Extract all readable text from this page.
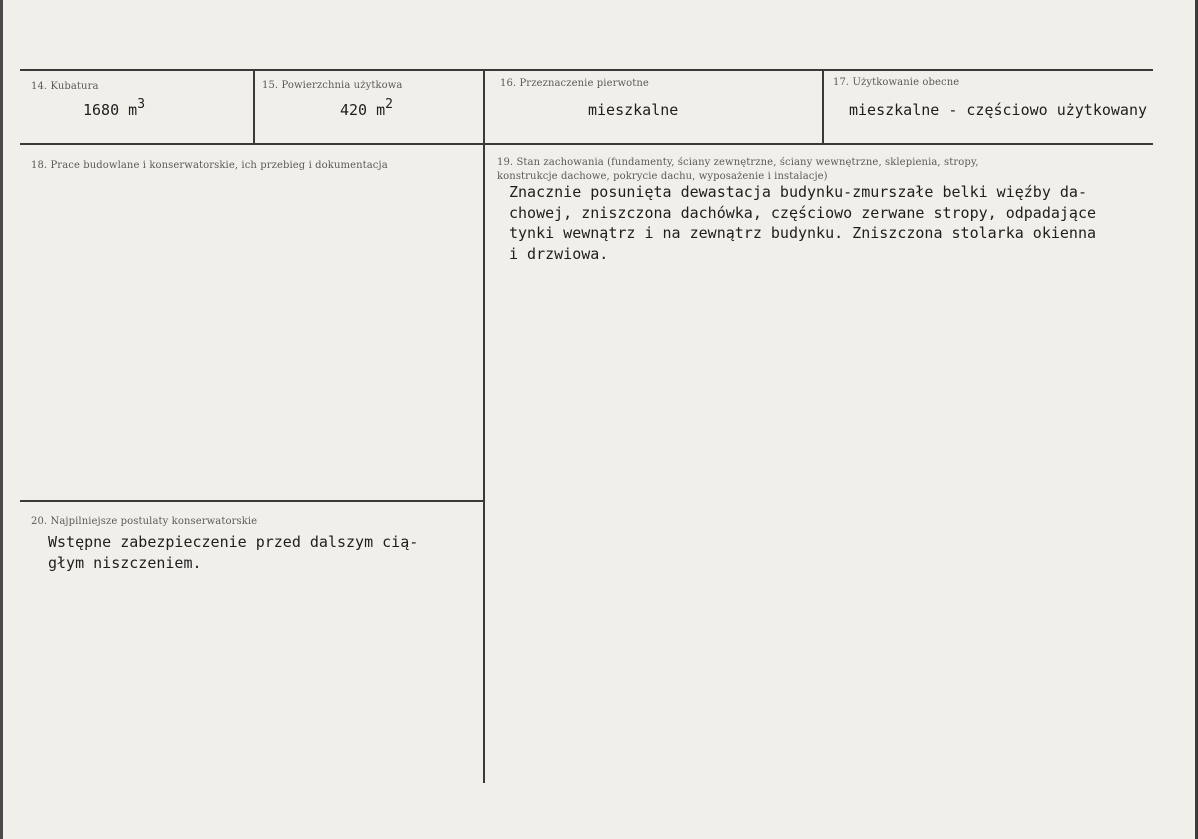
14. Kubatura
1680 $m^3$
15. Powierzchnia użytkowa
420 $m^2$
16. Przeznaczenie pierwotne
mieszkalne
17. Użytkowanie obecne
mieszkalne - częściowo użytkowany
18. Prace budowlane i konserwatorskie, ich przebieg i dokumentacja	19. Stan zachowania (fundamenty, ściany zewnętrzne, ściany wewnętrzne, sklepienia, stropy,
konstrukcje dachowe, pokrycie dachu, wyposażenie i instalacje)
Znacznie posunięta dewastacja budynku-zmurszałe belki więźby da-
chowej, zniszczona dachówka, częściowo zerwane stropy, odpadające
tynki wewnątrz i na zewnątrz budynku. Zniszczona stolarka okienna
i drzwiowa.
20. Najpilniejsze postulaty konserwatorskie
Wstępne zabezpieczenie przed dalszym cią-
głym niszczeniem.
